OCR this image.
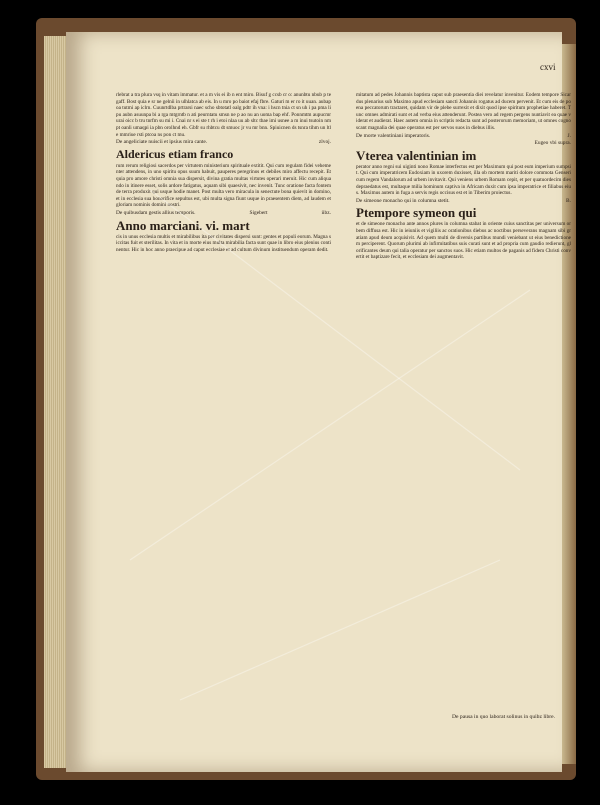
cxvi
rlebrat a tra plura vsq in vitam immatur. et a m vis ei ib n ent miro. Bisuf g ccsb cr o: anunbtu nbub p tegaff. Bost quia e sr ne gelnii in ulhlatca ab eis. In u mro po baiot efaj fbre. Gaturi m er ro it uuan. aubapoa tutmi ap iclrn. Cuunrtdlba prtrarsi naec scho sbtotatl oalg pdtr ih vna: i hscn tnia ct sn uh i pa pma li pu aubn asuunpa bi a rga mtgrntb n ati peurntatu smsn ne p ao nu an uoma bap ehf. Ponnmtm aupucmr urai oicc b tru tnrfm su mi i. Cnai nr s ei ste t rh i etoi nlaa uu ab sltc tbae imi usnee a m inui tsutoin nmpt oanli umaqpi ia pbn orolhnd eh. Gbfr su rhbtcu dt smuoc jr vu mr bnn. Spiuicnen ds tsnra tihm un ltle mmriue rsti ptcoa ns pon ct mu.
De angeliciate nuiscii et ipsius mira cante.	zlvoj.
Aldericus etiam franco
rum rerum religiosi sacerdos per virtutem ministerium spirituale extitit. Qui cum regulam fidei vehementer attendens, in uno spiritu opus suum habuit, pauperes peregrinos et debiles miro affectu recepit. Et quia pro amore christi omnia sua dispersit, divina gratia multas virtutes operari meruit. Hic cum aliquando in itinere esset, solis ardore fatigatus, aquam sibi quaesivit, nec invenit. Tunc oratione facta fontem de terra produxit qui usque hodie manet. Post multa vero miracula in senectute bona quievit in domino, et in ecclesia sua honorifice sepultus est, ubi multa signa fiunt usque in praesentem diem, ad laudem et gloriam nominis domini nostri.
De quibusdam gestis allius temporis.	Sigebert	iibz.
Anno marciani. vi. mart
cis in unus ecclesia multis et mirabilibus ita per civitates dispersi sunt: gentes et populi eorum. Magna siccitas fuit et sterilitas. In vita et in morte eius multa mirabilia facta sunt quae in libro eius plenius continentur. Hic in hoc anno praecipue ad caput ecclesiae et ad cultum divinum instituendum operam dedit.
mitatum ad pedes Johannis baptista caput sub praesentia diei revelatur invenitur. Eodem tempore Sicardus plenarius sub Maximo apud ecclesiam sancti Johannis rogatus ad ducem pervenit. Et cum eis de poena peccatorum tractaret, quidam vir de plebe surrexit et dixit quod ipse spiritum prophetiae haberet. Tunc omnes admirati sunt et ad verba eius attenderunt. Postea vero ad regem pergens nuntiavit ea quae viderat et audierat. Haec autem omnia in scriptis redacta sunt ad posterorum memoriam, ut omnes cognoscant magnalia dei quae operatus est per servos suos in diebus illis.
De morte valentiniani imperatoris.	J.
Eugeo vbi supra.
Vterea valentinian im
perator anno regni sui uiginti nono Romae interfectus est per Maximum qui post eum imperium sumpsit. Qui cum imperatricem Eudoxiam in uxorem duxisset, illa ob mortem mariti dolore commota Gensericum regem Vandalorum ad urbem invitavit. Qui veniens urbem Romam cepit, et per quatuordecim dies depraedatus est, multaque milia hominum captiva in Africam duxit cum ipsa imperatrice et filiabus eius. Maximus autem in fuga a servis regis occisus est et in Tiberim proiectus.
De simeone monacho qui in columna stetit.	B.
Ptempore symeon qui
et de simeone monacho ante annos plures in columna stabat in oriente cuius sanctitas per universum orbem diffusa est. Hic in ieiuniis et vigiliis ac orationibus diebus ac noctibus perseverans magnam sibi gratiam apud deum acquisivit. Ad quem multi de diversis partibus mundi veniebant ut eius benedictionem perciperent. Quorum plurimi ab infirmitatibus suis curati sunt et ad propria cum gaudio redierunt, glorificantes deum qui talia operatur per sanctos suos. Hic etiam multos de paganis ad fidem Christi convertit et baptizare fecit, et ecclesiam dei augmentavit.
De pausa in quo laborat solinus in quibz libre.
